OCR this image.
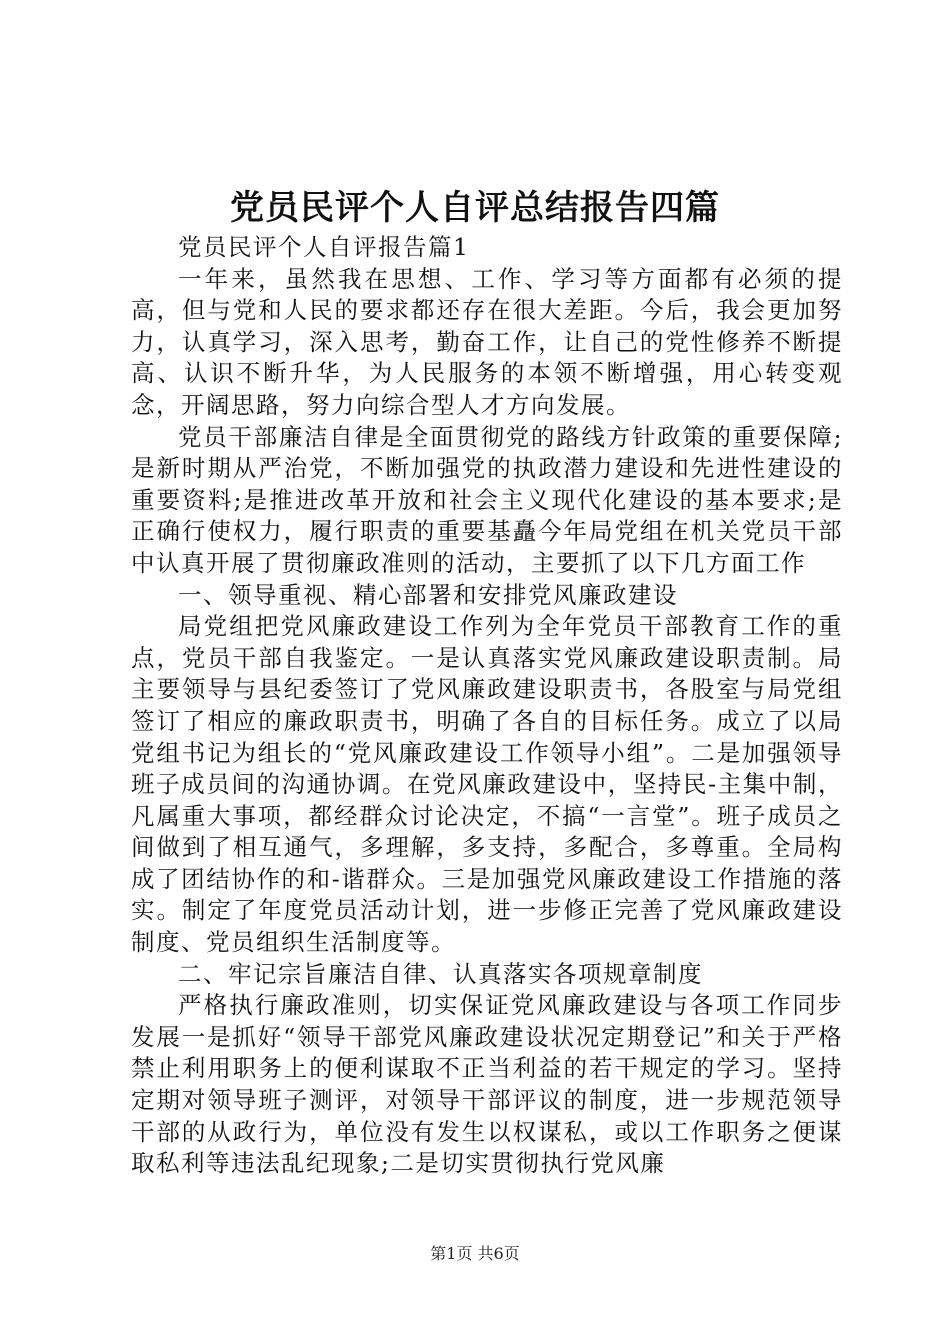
党员民评个人自评总结报告四篇

党员民评个人自评报告篇1

一年来，虽然我在思想、工作、学习等方面都有必须的提高，但与党和人民的要求都还存在很大差距。今后，我会更加努力，认真学习，深入思考，勤奋工作，让自己的党性修养不断提高、认识不断升华，为人民服务的本领不断增强，用心转变观念，开阔思路，努力向综合型人才方向发展。

党员干部廉洁自律是全面贯彻党的路线方针政策的重要保障;是新时期从严治党，不断加强党的执政潜力建设和先进性建设的重要资料;是推进改革开放和社会主义现代化建设的基本要求;是正确行使权力，履行职责的重要基矗今年局党组在机关党员干部中认真开展了贯彻廉政准则的活动，主要抓了以下几方面工作

一、领导重视、精心部署和安排党风廉政建设

局党组把党风廉政建设工作列为全年党员干部教育工作的重点，党员干部自我鉴定。一是认真落实党风廉政建设职责制。局主要领导与县纪委签订了党风廉政建设职责书，各股室与局党组签订了相应的廉政职责书，明确了各自的目标任务。成立了以局党组书记为组长的“党风廉政建设工作领导小组”。二是加强领导班子成员间的沟通协调。在党风廉政建设中，坚持民-主集中制，凡属重大事项，都经群众讨论决定，不搞“一言堂”。班子成员之间做到了相互通气，多理解，多支持，多配合，多尊重。全局构成了团结协作的和-谐群众。三是加强党风廉政建设工作措施的落实。制定了年度党员活动计划，进一步修正完善了党风廉政建设制度、党员组织生活制度等。

二、牢记宗旨廉洁自律、认真落实各项规章制度

严格执行廉政准则，切实保证党风廉政建设与各项工作同步发展一是抓好“领导干部党风廉政建设状况定期登记”和关于严格禁止利用职务上的便利谋取不正当利益的若干规定的学习。坚持定期对领导班子测评，对领导干部评议的制度，进一步规范领导干部的从政行为，单位没有发生以权谋私，或以工作职务之便谋取私利等违法乱纪现象;二是切实贯彻执行党风廉

第1页 共6页
